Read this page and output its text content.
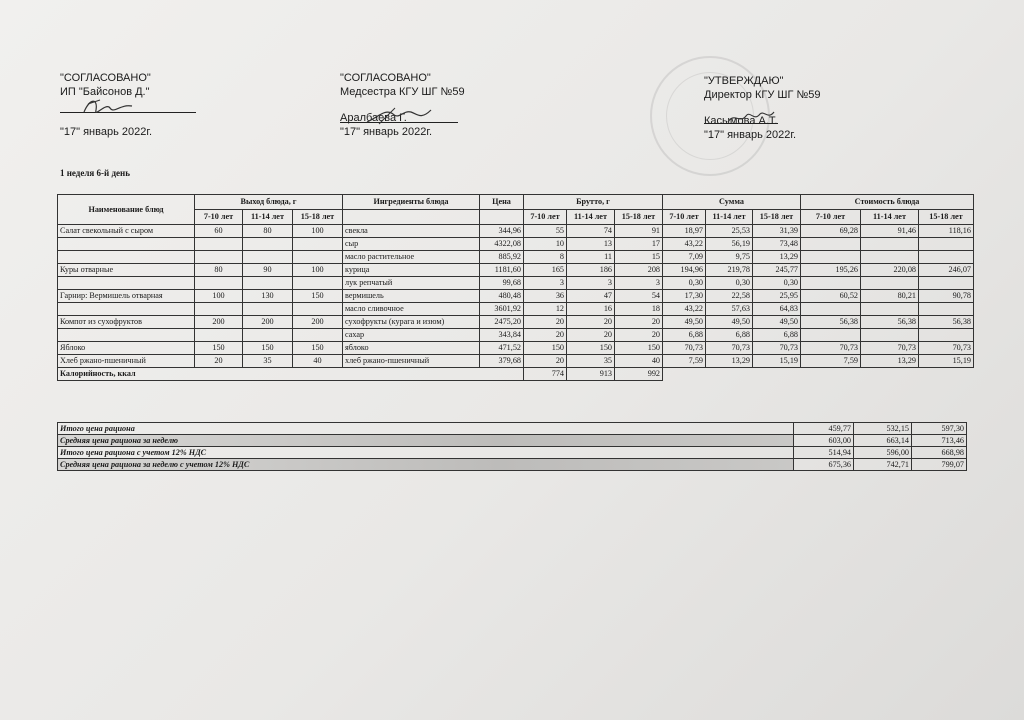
"СОГЛАСОВАНО"
ИП "Байсонов Д."
"17" январь 2022г.
"СОГЛАСОВАНО"
Медсестра КГУ ШГ №59
Аралбаева Г.
"17" январь 2022г.
"УТВЕРЖДАЮ"
Директор КГУ ШГ №59
Касымова А.Т.
"17" январь 2022г.
1 неделя 6-й день
Наименование блюд	Выход блюда, г			Ингредиенты блюда	Цена	Брутто, г			Сумма			Стоимость блюда		
	7-10 лет	11-14 лет	15-18 лет			7-10 лет	11-14 лет	15-18 лет	7-10 лет	11-14 лет	15-18 лет	7-10 лет	11-14 лет	15-18 лет
Салат свекольный с сыром	60	80	100	свекла	344,96	55	74	91	18,97	25,53	31,39	69,28	91,46	118,16
				сыр	4322,08	10	13	17	43,22	56,19	73,48			
				масло растительное	885,92	8	11	15	7,09	9,75	13,29			
Куры отварные	80	90	100	курица	1181,60	165	186	208	194,96	219,78	245,77	195,26	220,08	246,07
				лук репчатый	99,68	3	3	3	0,30	0,30	0,30			
Гарнир: Вермишель отварная	100	130	150	вермишель	480,48	36	47	54	17,30	22,58	25,95	60,52	80,21	90,78
				масло сливочное	3601,92	12	16	18	43,22	57,63	64,83			
Компот из сухофруктов	200	200	200	сухофрукты (курага и изюм)	2475,20	20	20	20	49,50	49,50	49,50	56,38	56,38	56,38
				сахар	343,84	20	20	20	6,88	6,88	6,88			
Яблоко	150	150	150	яблоко	471,52	150	150	150	70,73	70,73	70,73	70,73	70,73	70,73
Хлеб ржано-пшеничный	20	35	40	хлеб ржано-пшеничный	379,68	20	35	40	7,59	13,29	15,19	7,59	13,29	15,19
Калорийность, ккал						774	913	992						
Итого цена рациона	459,77	532,15	597,30
Средняя цена рациона за неделю	603,00	663,14	713,46
Итого цена рациона с учетом 12% НДС	514,94	596,00	668,98
Средняя цена рациона за неделю с учетом 12% НДС	675,36	742,71	799,07
